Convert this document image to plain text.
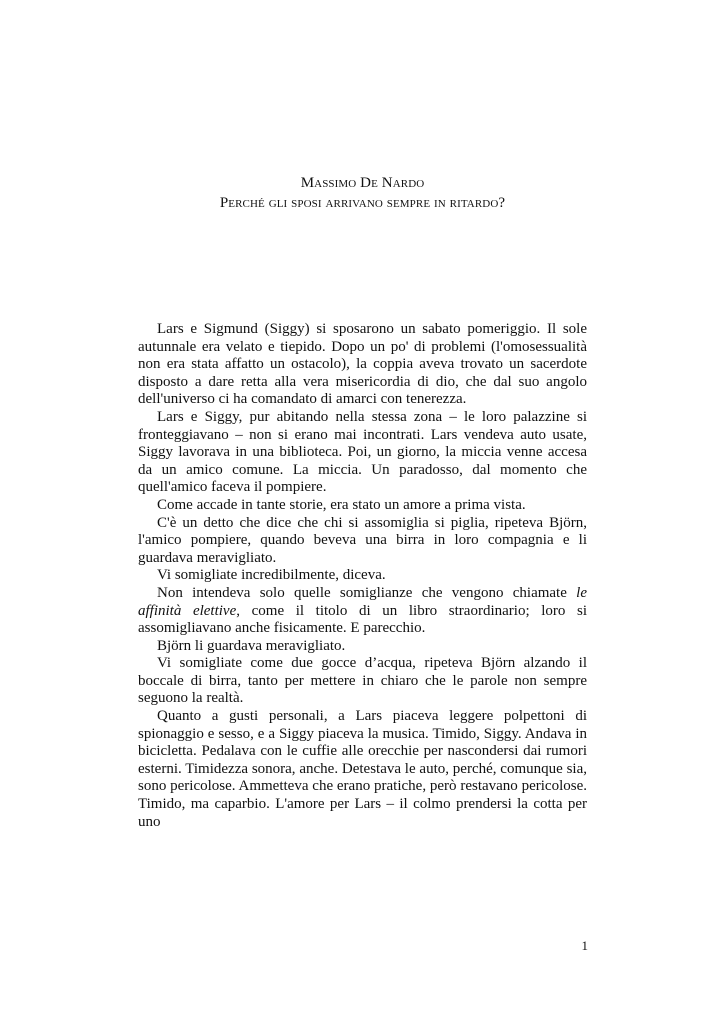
Massimo De Nardo
Perché gli sposi arrivano sempre in ritardo?

Lars e Sigmund (Siggy) si sposarono un sabato pomeriggio. Il sole autunnale era velato e tiepido. Dopo un po' di problemi (l'omosessualità non era stata affatto un ostacolo), la coppia aveva trovato un sacerdote disposto a dare retta alla vera misericordia di dio, che dal suo angolo dell'universo ci ha comandato di amarci con tenerezza.

Lars e Siggy, pur abitando nella stessa zona – le loro palazzine si fronteggiavano – non si erano mai incontrati. Lars vendeva auto usate, Siggy lavorava in una biblioteca. Poi, un giorno, la miccia venne accesa da un amico comune. La miccia. Un paradosso, dal momento che quell'amico faceva il pompiere.

Come accade in tante storie, era stato un amore a prima vista.

C'è un detto che dice che chi si assomiglia si piglia, ripeteva Björn, l'amico pompiere, quando beveva una birra in loro compagnia e li guardava meravigliato.

Vi somigliate incredibilmente, diceva.

Non intendeva solo quelle somiglianze che vengono chiamate le affinità elettive, come il titolo di un libro straordinario; loro si assomigliavano anche fisicamente. E parecchio.

Björn li guardava meravigliato.

Vi somigliate come due gocce d’acqua, ripeteva Björn alzando il boccale di birra, tanto per mettere in chiaro che le parole non sempre seguono la realtà.

Quanto a gusti personali, a Lars piaceva leggere polpettoni di spionaggio e sesso, e a Siggy piaceva la musica. Timido, Siggy. Andava in bicicletta. Pedalava con le cuffie alle orecchie per nascondersi dai rumori esterni. Timidezza sonora, anche. Detestava le auto, perché, comunque sia, sono pericolose. Ammetteva che erano pratiche, però restavano pericolose. Timido, ma caparbio. L'amore per Lars – il colmo prendersi la cotta per uno

1
